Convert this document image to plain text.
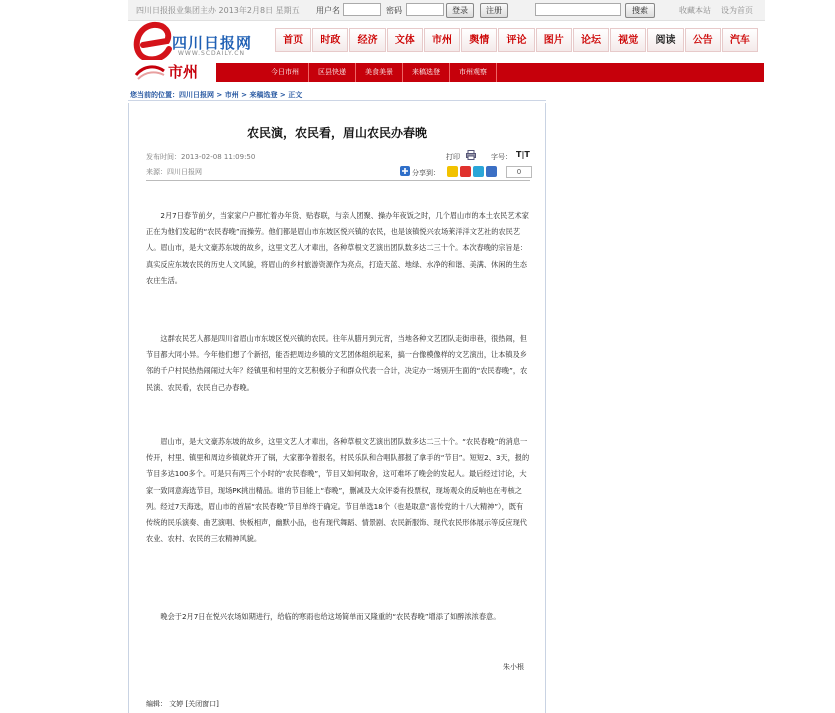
四川日报报业集团主办 2013年2月8日 星期五 用户名	密码	登录	注册	搜索	收藏本站 设为首页
四川日报网
WWW.SCDAILY.CN
首页	时政	经济	文体	市州	舆情	评论	图片	论坛	视觉	阅读	公告	汽车
市州	今日市州	区县快递	美食美景	来稿选登	市州观察
您当前的位置：四川日报网 > 市州 > 来稿选登 > 正文
农民演，农民看，眉山农民办春晚
发布时间：2013-02-08 11:09:50
来源：四川日报网
打印	字号： T|T
分享到：	0

2月7日春节前夕，当家家户户都忙着办年货、贴春联，与亲人团聚、操办年夜饭之时，几个眉山市的本土农民艺术家正在为他们发起的“农民春晚”而操劳。他们都是眉山市东坡区悦兴镇的农民，也是该镇悦兴农场莱洋洋文艺社的农民艺人。眉山市，是大文豪苏东坡的故乡，这里文艺人才辈出，各种草根文艺演出团队数多达二三十个。本次春晚的宗旨是：真实反应东坡农民的历史人文风貌，将眉山的乡村旅游资源作为亮点，打造天蓝、地绿、水净的和谐、美满、休闲的生态农庄生活。

这群农民艺人都是四川省眉山市东坡区悦兴镇的农民。往年从腊月到元宵，当地各种文艺团队走街串巷，很热闹，但节目都大同小异。今年他们想了个新招，能否把周边乡镇的文艺团体组织起来，搞一台像模像样的文艺演出，让本镇及乡邻的千户村民热热闹闹过大年？经镇里和村里的文艺积极分子和群众代表一合计，决定办一场别开生面的“农民春晚”，农民演、农民看，农民自己办春晚。

眉山市，是大文豪苏东坡的故乡，这里文艺人才辈出，各种草根文艺演出团队数多达二三十个。“农民春晚”的消息一传开，村里、镇里和周边乡镇就炸开了锅，大家都争着报名，村民乐队和合唱队都报了拿手的“节目”。短短2、3天，报的节目多达100多个。可是只有两三个小时的“农民春晚”，节目又如何取舍，这可难坏了晚会的发起人。最后经过讨论，大家一致同意海选节目，现场PK挑出精品。谁的节目能上“春晚”，删减及大众评委有投票权，现场观众的反响也在考核之列。经过7天海选，眉山市的首届“农民春晚”节目单终于确定。节目单选18个（也是取意“喜传党的十八大精神”），既有传统的民乐演奏、曲艺演唱、快板相声，幽默小品，也有现代舞蹈、情景剧、农民新服饰、现代农民形体展示等反应现代农业、农村、农民的三农精神风貌。

晚会于2月7日在悦兴农场如期进行，给临的寒雨也给这场简单而又隆重的“农民春晚”增添了如醉浓浓春意。

朱小根
编辑： 文婷 [关闭窗口]
